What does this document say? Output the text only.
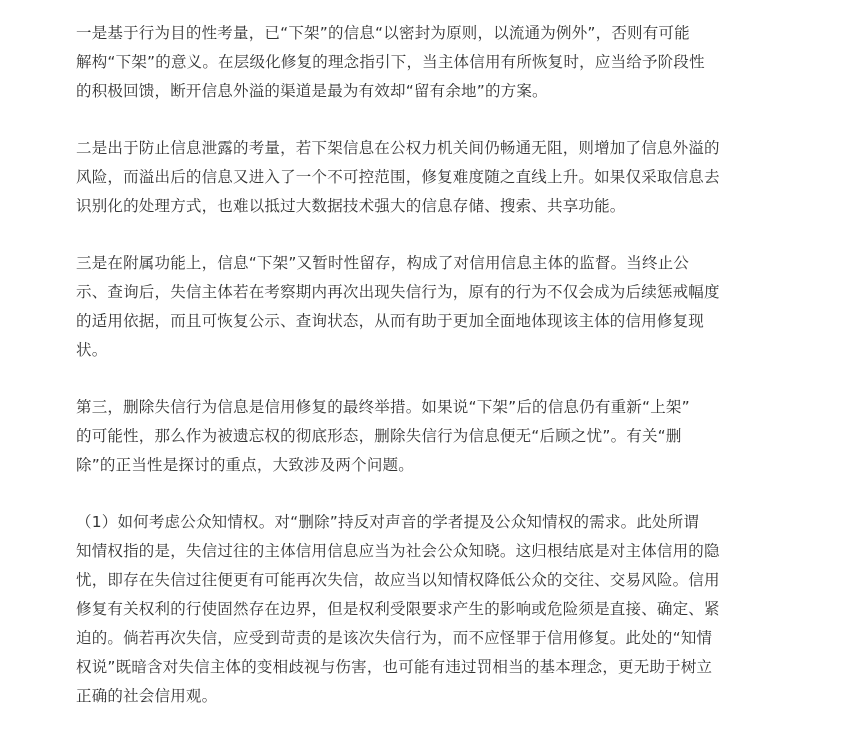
一是基于行为目的性考量，已“下架”的信息“以密封为原则，以流通为例外”，否则有可能
解构“下架”的意义。在层级化修复的理念指引下，当主体信用有所恢复时，应当给予阶段性
的积极回馈，断开信息外溢的渠道是最为有效却“留有余地”的方案。
二是出于防止信息泄露的考量，若下架信息在公权力机关间仍畅通无阻，则增加了信息外溢的
风险，而溢出后的信息又进入了一个不可控范围，修复难度随之直线上升。如果仅采取信息去
识别化的处理方式，也难以抵过大数据技术强大的信息存储、搜索、共享功能。
三是在附属功能上，信息“下架”又暂时性留存，构成了对信用信息主体的监督。当终止公
示、查询后，失信主体若在考察期内再次出现失信行为，原有的行为不仅会成为后续惩戒幅度
的适用依据，而且可恢复公示、查询状态，从而有助于更加全面地体现该主体的信用修复现
状。
第三，删除失信行为信息是信用修复的最终举措。如果说“下架”后的信息仍有重新“上架”
的可能性，那么作为被遗忘权的彻底形态，删除失信行为信息便无“后顾之忧”。有关“删
除”的正当性是探讨的重点，大致涉及两个问题。
（1）如何考虑公众知情权。对“删除”持反对声音的学者提及公众知情权的需求。此处所谓
知情权指的是，失信过往的主体信用信息应当为社会公众知晓。这归根结底是对主体信用的隐
忧，即存在失信过往便更有可能再次失信，故应当以知情权降低公众的交往、交易风险。信用
修复有关权利的行使固然存在边界，但是权利受限要求产生的影响或危险须是直接、确定、紧
迫的。倘若再次失信，应受到苛责的是该次失信行为，而不应怪罪于信用修复。此处的“知情
权说”既暗含对失信主体的变相歧视与伤害，也可能有违过罚相当的基本理念，更无助于树立
正确的社会信用观。
